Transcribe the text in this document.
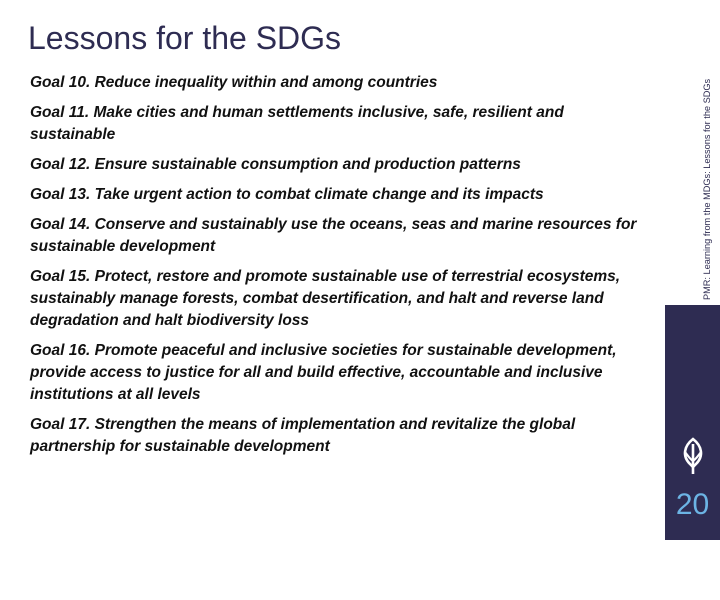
Lessons for the SDGs
Goal 10. Reduce inequality within and among countries
Goal 11. Make cities and human settlements inclusive, safe, resilient and sustainable
Goal 12. Ensure sustainable consumption and production patterns
Goal 13. Take urgent action to combat climate change and its impacts
Goal 14. Conserve and sustainably use the oceans, seas and marine resources for sustainable development
Goal 15. Protect, restore and promote sustainable use of terrestrial ecosystems, sustainably manage forests, combat desertification, and halt and reverse land degradation and halt biodiversity loss
Goal 16. Promote peaceful and inclusive societies for sustainable development, provide access to justice for all and build effective, accountable and inclusive institutions at all levels
Goal 17. Strengthen the means of implementation and revitalize the global partnership for sustainable development
PMR: Learning from the MDGs: Lessons for the SDGs
20
